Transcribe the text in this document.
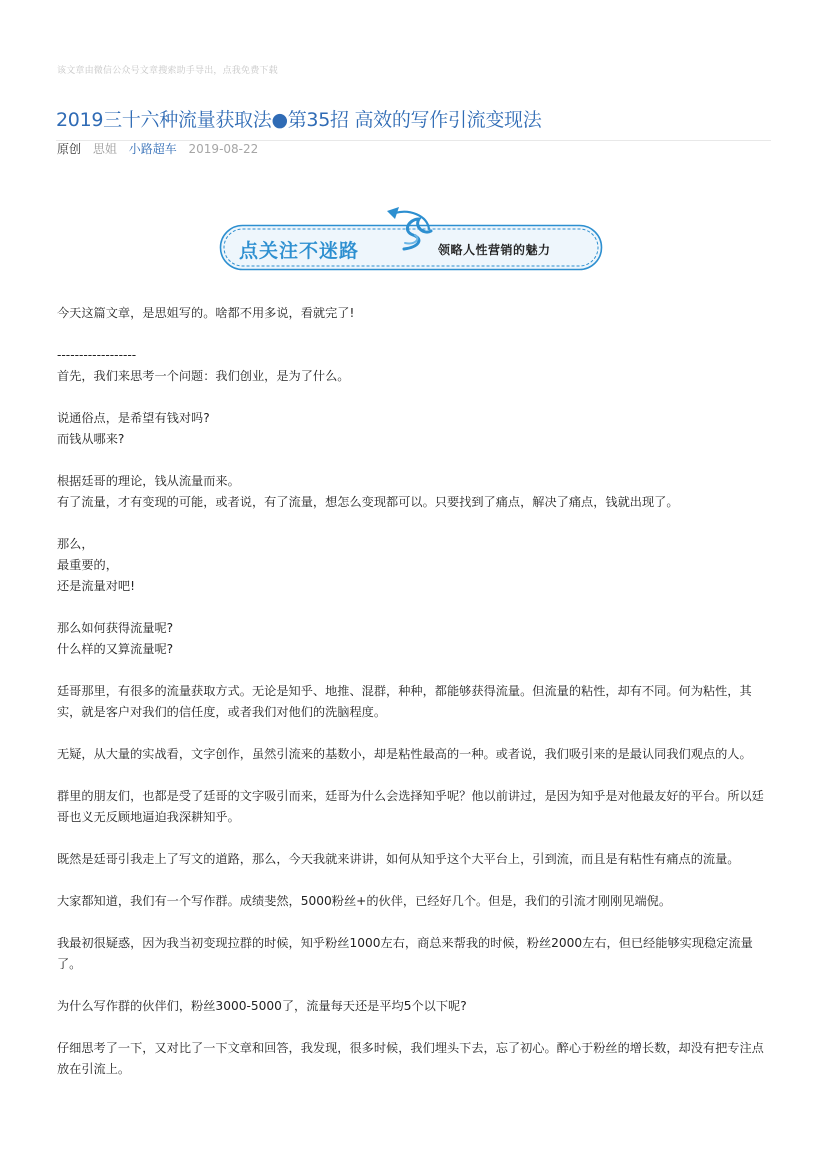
该文章由微信公众号文章搜索助手导出，点我免费下载
2019三十六种流量获取法●第35招 高效的写作引流变现法
原创 思姐 小路超车 2019-08-22
点关注不迷路	领略人性营销的魅力

今天这篇文章，是思姐写的。啥都不用多说，看就完了!

------------------
首先，我们来思考一个问题：我们创业，是为了什么。

说通俗点，是希望有钱对吗?
而钱从哪来?

根据廷哥的理论，钱从流量而来。
有了流量，才有变现的可能，或者说，有了流量，想怎么变现都可以。只要找到了痛点，解决了痛点，钱就出现了。

那么，
最重要的，
还是流量对吧!

那么如何获得流量呢?
什么样的又算流量呢?

廷哥那里，有很多的流量获取方式。无论是知乎、地推、混群，种种，都能够获得流量。但流量的粘性，却有不同。何为粘性，其实，就是客户对我们的信任度，或者我们对他们的洗脑程度。

无疑，从大量的实战看，文字创作，虽然引流来的基数小，却是粘性最高的一种。或者说，我们吸引来的是最认同我们观点的人。

群里的朋友们，也都是受了廷哥的文字吸引而来，廷哥为什么会选择知乎呢？他以前讲过，是因为知乎是对他最友好的平台。所以廷哥也义无反顾地逼迫我深耕知乎。

既然是廷哥引我走上了写文的道路，那么，今天我就来讲讲，如何从知乎这个大平台上，引到流，而且是有粘性有痛点的流量。

大家都知道，我们有一个写作群。成绩斐然，5000粉丝+的伙伴，已经好几个。但是，我们的引流才刚刚见端倪。

我最初很疑惑，因为我当初变现拉群的时候，知乎粉丝1000左右，商总来帮我的时候，粉丝2000左右，但已经能够实现稳定流量了。

为什么写作群的伙伴们，粉丝3000-5000了，流量每天还是平均5个以下呢?

仔细思考了一下，又对比了一下文章和回答，我发现，很多时候，我们埋头下去，忘了初心。醉心于粉丝的增长数，却没有把专注点放在引流上。
